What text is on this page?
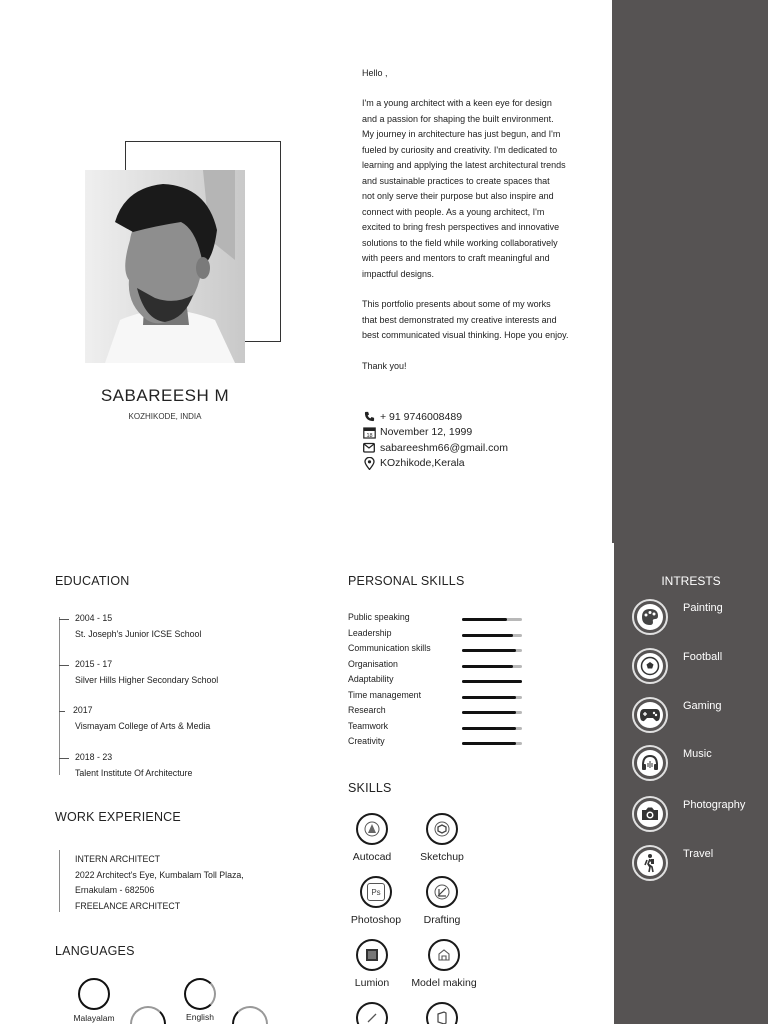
SABAREESH M
KOZHIKODE, INDIA
Hello ,
I'm a young architect with a keen eye for design
and a passion for shaping the built environment.
My journey in architecture has just begun, and I'm
fueled by curiosity and creativity. I'm dedicated to
learning and applying the latest architectural trends
and sustainable practices to create spaces that
not only serve their purpose but also inspire and
connect with people. As a young architect, I'm
excited to bring fresh perspectives and innovative
solutions to the field while working collaboratively
with peers and mentors to craft meaningful and
impactful designs.
This portfolio presents about some of my works
that best demonstrated my creative interests and
best communicated visual thinking. Hope you enjoy.
Thank you!
+ 91 9746008489
18 November 12, 1999
sabareeshm66@gmail.com
KOzhikode,Kerala
EDUCATION
2004 - 15
St. Joseph's Junior ICSE School
2015 - 17
Silver Hills Higher Secondary School
2017
Vismayam College of Arts & Media
2018 - 23
Talent Institute Of Architecture
WORK EXPERIENCE
INTERN ARCHITECT
2022 Architect's Eye, Kumbalam Toll Plaza,
Ernakulam - 682506
FREELANCE ARCHITECT
LANGUAGES
Malayalam	English
PERSONAL SKILLS
Public speaking
Leadership
Communication skills
Organisation
Adaptability
Time management
Research
Teamwork
Creativity
SKILLS
Autocad	Sketchup
Ps
Photoshop	Drafting
Lumion	Model making
INTRESTS
Painting
Football
Gaming
Music
Photography
Travel
